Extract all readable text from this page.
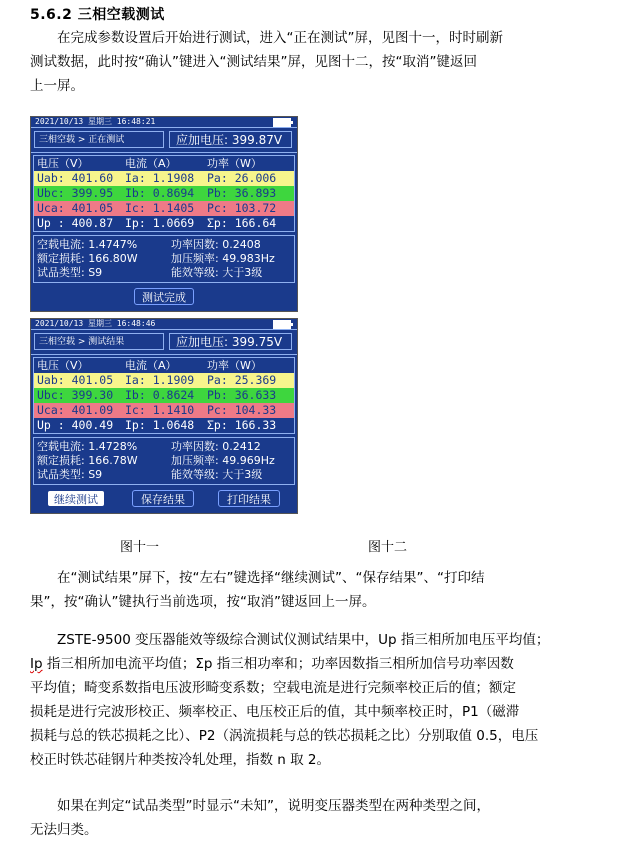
5.6.2 三相空载测试

在完成参数设置后开始进行测试，进入“正在测试”屏，见图十一，时时刷新

测试数据，此时按“确认”键进入“测试结果”屏，见图十二，按“取消”键返回

上一屏。

2021/10/13 星期三 16:48:21
三相空载 > 正在测试	应加电压: 399.87V
电压（V）	电流（A）	功率（W）
Uab: 401.60	Ia: 1.1908	Pa: 26.006
Ubc: 399.95	Ib: 0.8694	Pb: 36.893
Uca: 401.05	Ic: 1.1405	Pc: 103.72
Up : 400.87	Ip: 1.0669	Σp: 166.64
空载电流: 1.4747%	功率因数: 0.2408
额定损耗: 166.80W	加压频率: 49.983Hz
试品类型: S9	能效等级: 大于3级
测试完成
2021/10/13 星期三 16:48:46
三相空载 > 测试结果	应加电压: 399.75V
电压（V）	电流（A）	功率（W）
Uab: 401.05	Ia: 1.1909	Pa: 25.369
Ubc: 399.30	Ib: 0.8624	Pb: 36.633
Uca: 401.09	Ic: 1.1410	Pc: 104.33
Up : 400.49	Ip: 1.0648	Σp: 166.33
空载电流: 1.4728%	功率因数: 0.2412
额定损耗: 166.78W	加压频率: 49.969Hz
试品类型: S9	能效等级: 大于3级
继续测试	保存结果	打印结果
图十一	图十二

在“测试结果”屏下，按“左右”键选择“继续测试”、“保存结果”、“打印结

果”，按“确认”键执行当前选项，按“取消”键返回上一屏。

ZSTE-9500 变压器能效等级综合测试仪测试结果中，Up 指三相所加电压平均值；

Ip 指三相所加电流平均值；Σp 指三相功率和；功率因数指三相所加信号功率因数

平均值；畸变系数指电压波形畸变系数；空载电流是进行完频率校正后的值；额定

损耗是进行完波形校正、频率校正、电压校正后的值，其中频率校正时，P1（磁滞

损耗与总的铁芯损耗之比）、P2（涡流损耗与总的铁芯损耗之比）分别取值 0.5，电压

校正时铁芯硅钢片种类按冷轧处理，指数 n 取 2。

如果在判定“试品类型”时显示“未知”，说明变压器类型在两种类型之间，

无法归类。
